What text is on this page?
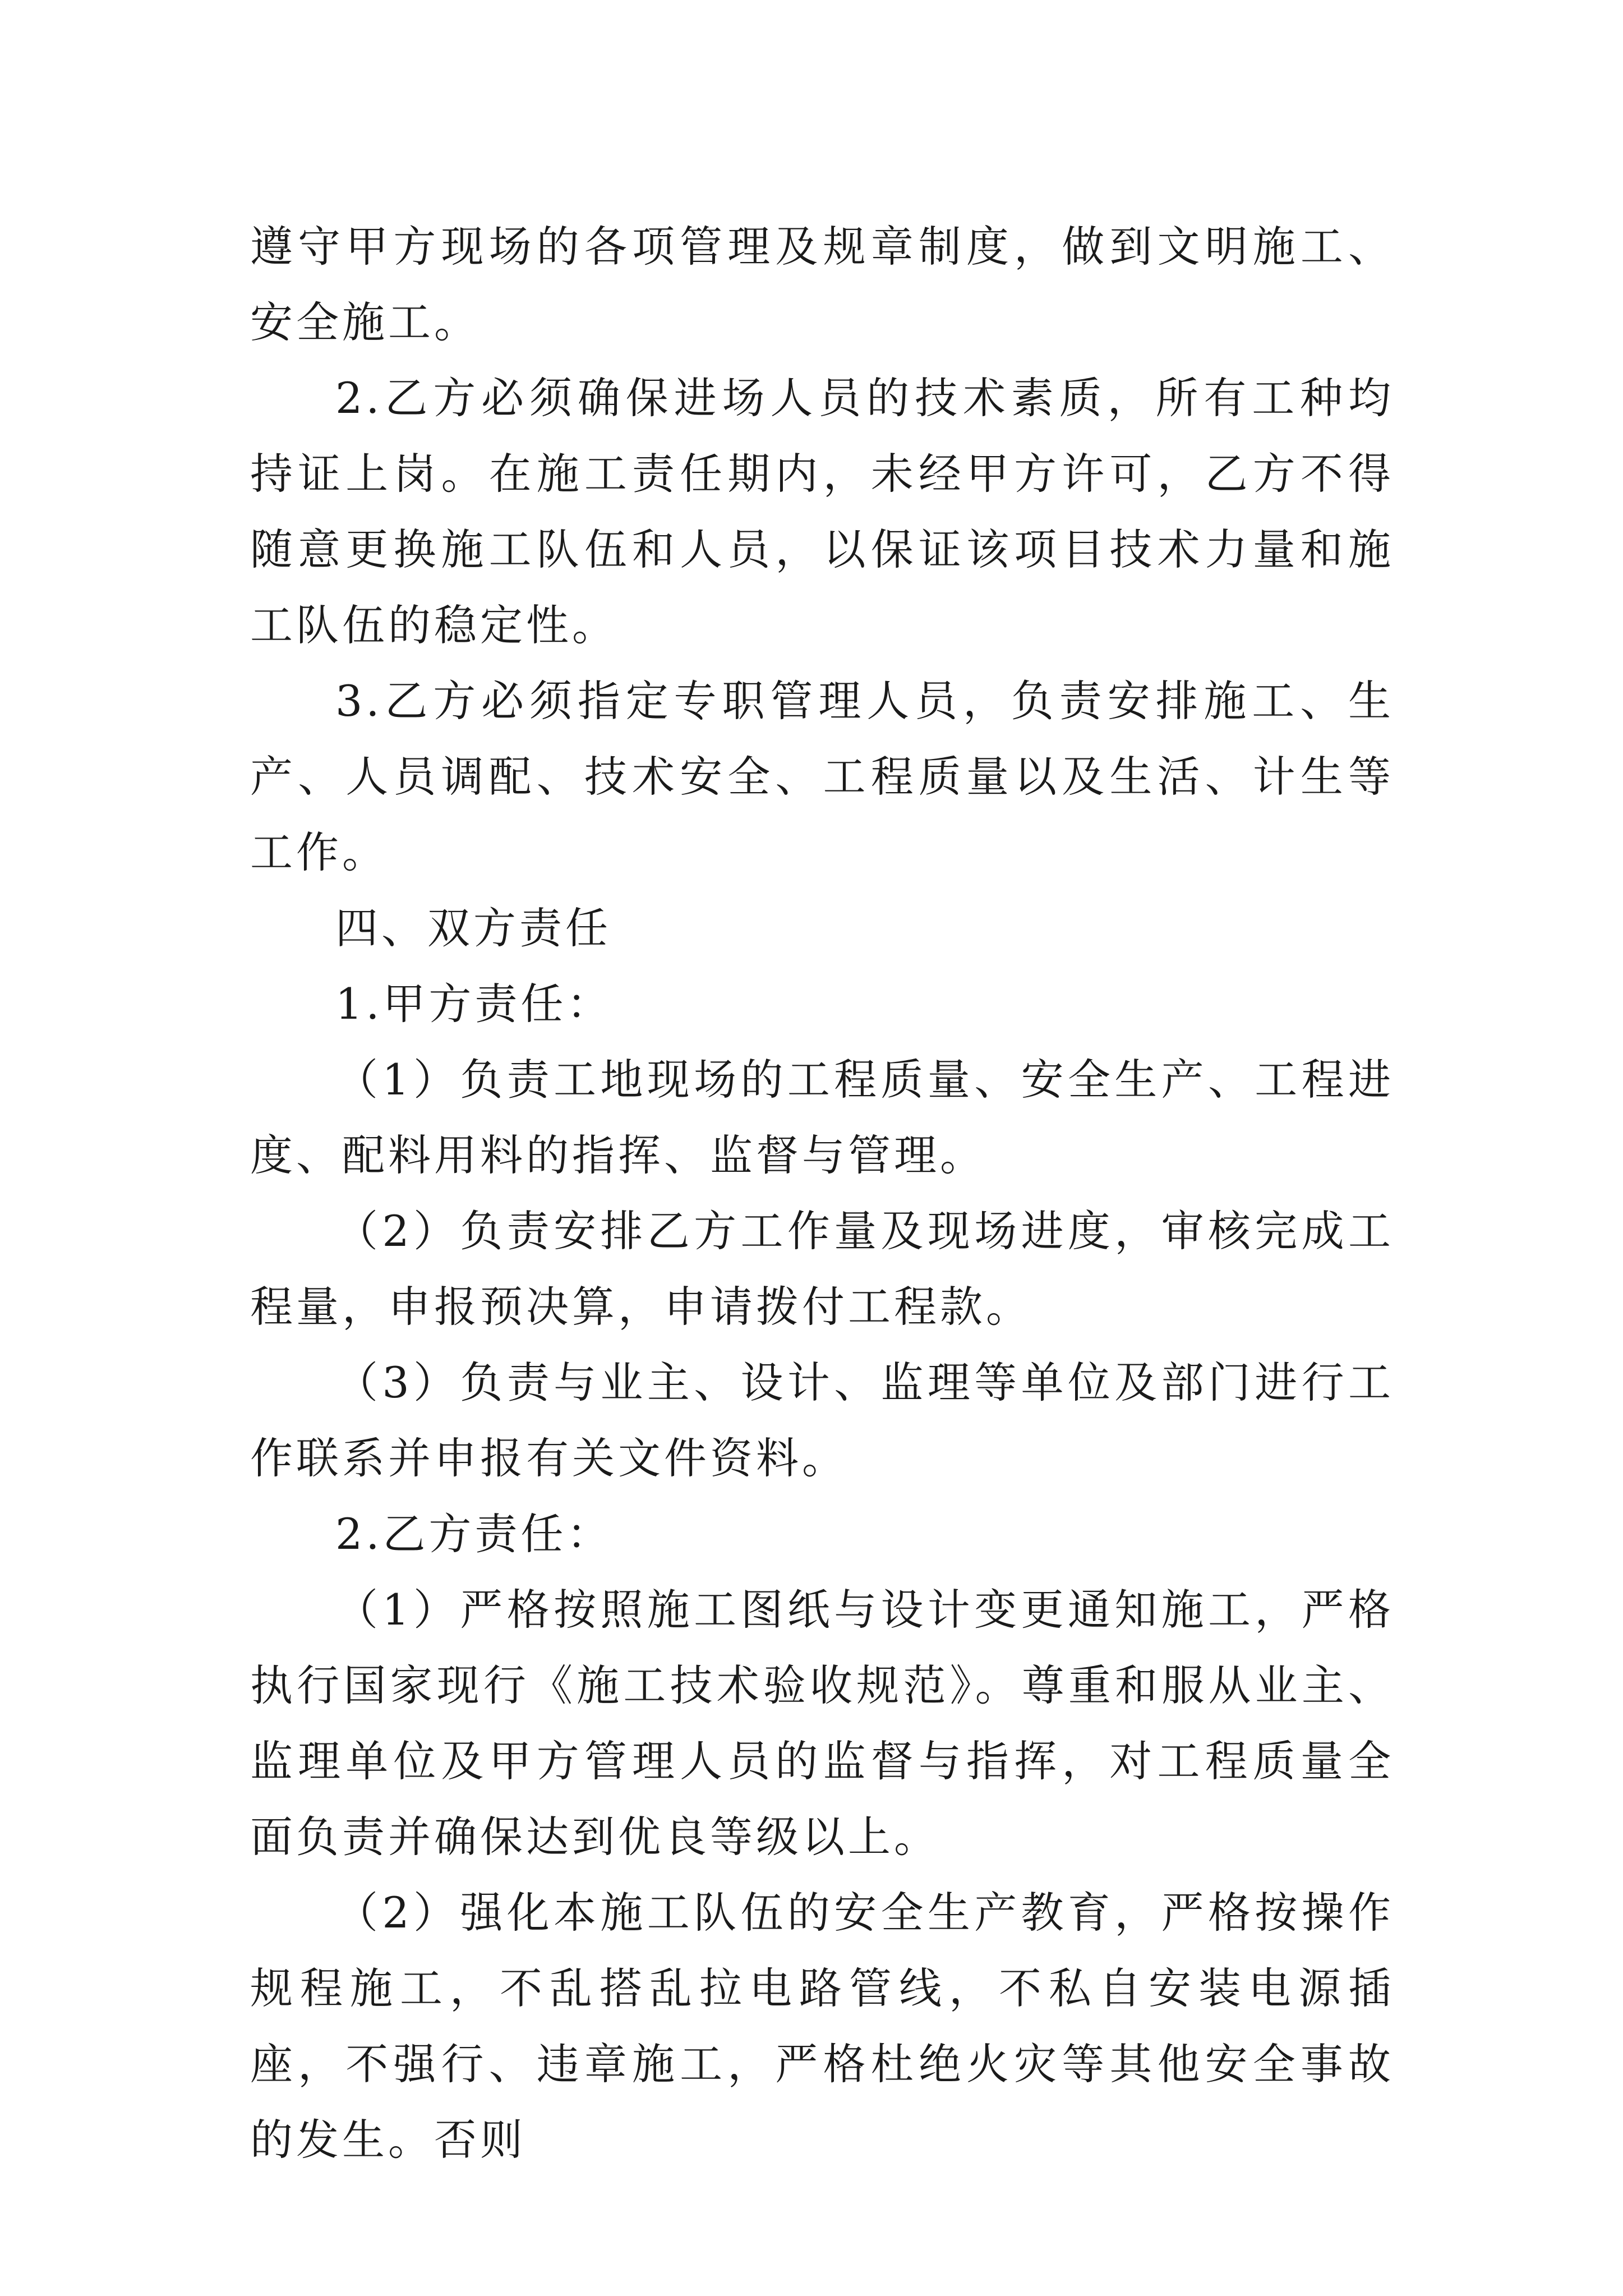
遵守甲方现场的各项管理及规章制度，做到文明施工、安全施工。

2.乙方必须确保进场人员的技术素质，所有工种均持证上岗。在施工责任期内，未经甲方许可，乙方不得随意更换施工队伍和人员，以保证该项目技术力量和施工队伍的稳定性。

3.乙方必须指定专职管理人员，负责安排施工、生产、人员调配、技术安全、工程质量以及生活、计生等工作。

四、双方责任

1.甲方责任：

（1）负责工地现场的工程质量、安全生产、工程进度、配料用料的指挥、监督与管理。

（2）负责安排乙方工作量及现场进度，审核完成工程量，申报预决算，申请拨付工程款。

（3）负责与业主、设计、监理等单位及部门进行工作联系并申报有关文件资料。

2.乙方责任：

（1）严格按照施工图纸与设计变更通知施工，严格执行国家现行《施工技术验收规范》。尊重和服从业主、监理单位及甲方管理人员的监督与指挥，对工程质量全面负责并确保达到优良等级以上。

（2）强化本施工队伍的安全生产教育，严格按操作规程施工，不乱搭乱拉电路管线，不私自安装电源插座，不强行、违章施工，严格杜绝火灾等其他安全事故的发生。否则
